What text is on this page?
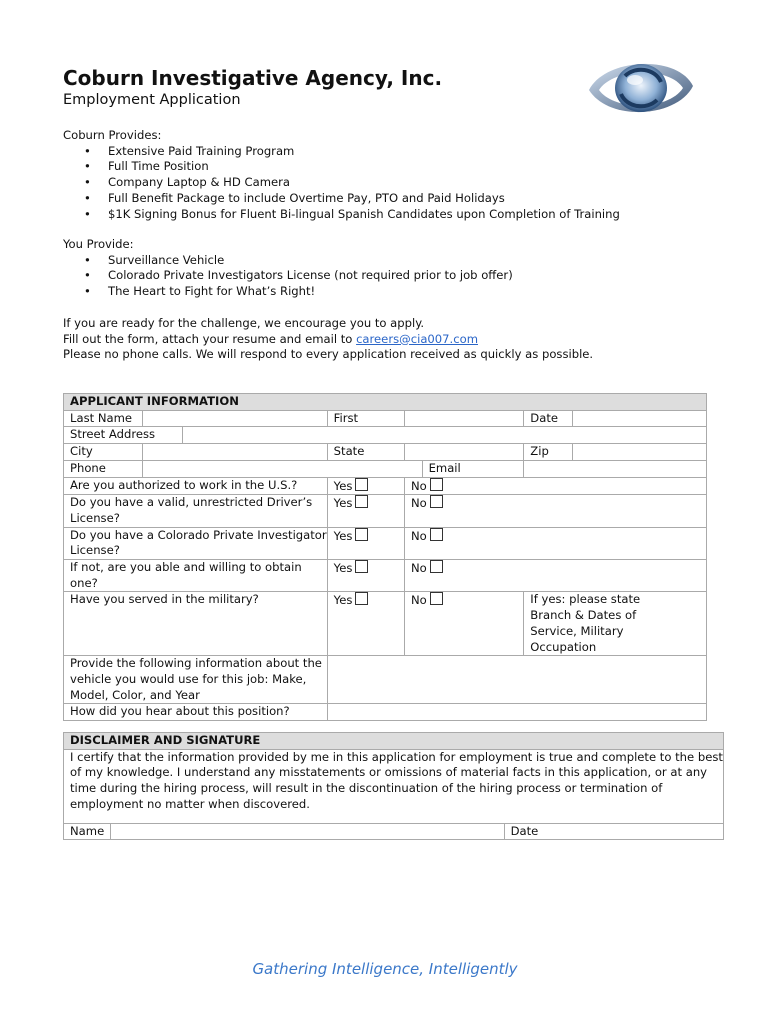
Coburn Investigative Agency, Inc.
Employment Application
Coburn Provides:
• Extensive Paid Training Program
• Full Time Position
• Company Laptop & HD Camera
• Full Benefit Package to include Overtime Pay, PTO and Paid Holidays
• $1K Signing Bonus for Fluent Bi-lingual Spanish Candidates upon Completion of Training
You Provide:
• Surveillance Vehicle
• Colorado Private Investigators License (not required prior to job offer)
• The Heart to Fight for What’s Right!
If you are ready for the challenge, we encourage you to apply.
Fill out the form, attach your resume and email to careers@cia007.com
Please no phone calls. We will respond to every application received as quickly as possible.
APPLICANT INFORMATION							
Last Name			First			Date	
Street Address							
City			State			Zip	
Phone					Email		
Are you authorized to work in the U.S.?			Yes	No			

Do you have a valid, unrestricted Driver’s
License?			Yes	No			

Do you have a Colorado Private Investigator
License?			Yes	No			

If not, are you able and willing to obtain
one?			Yes	No			
Have you served in the military?			Yes	No		If yes: please state
Branch & Dates of
Service, Military
Occupation	

Provide the following information about the
vehicle you would use for this job: Make,
Model, Color, and Year							

How did you hear about this position?							
DISCLAIMER AND SIGNATURE

I certify that the information provided by me in this application for employment is true and complete to the best
of my knowledge. I understand any misstatements or omissions of material facts in this application, or at any
time during the hiring process, will result in the discontinuation of the hiring process or termination of
employment no matter when discovered.

Name		Date
Gathering Intelligence, Intelligently
